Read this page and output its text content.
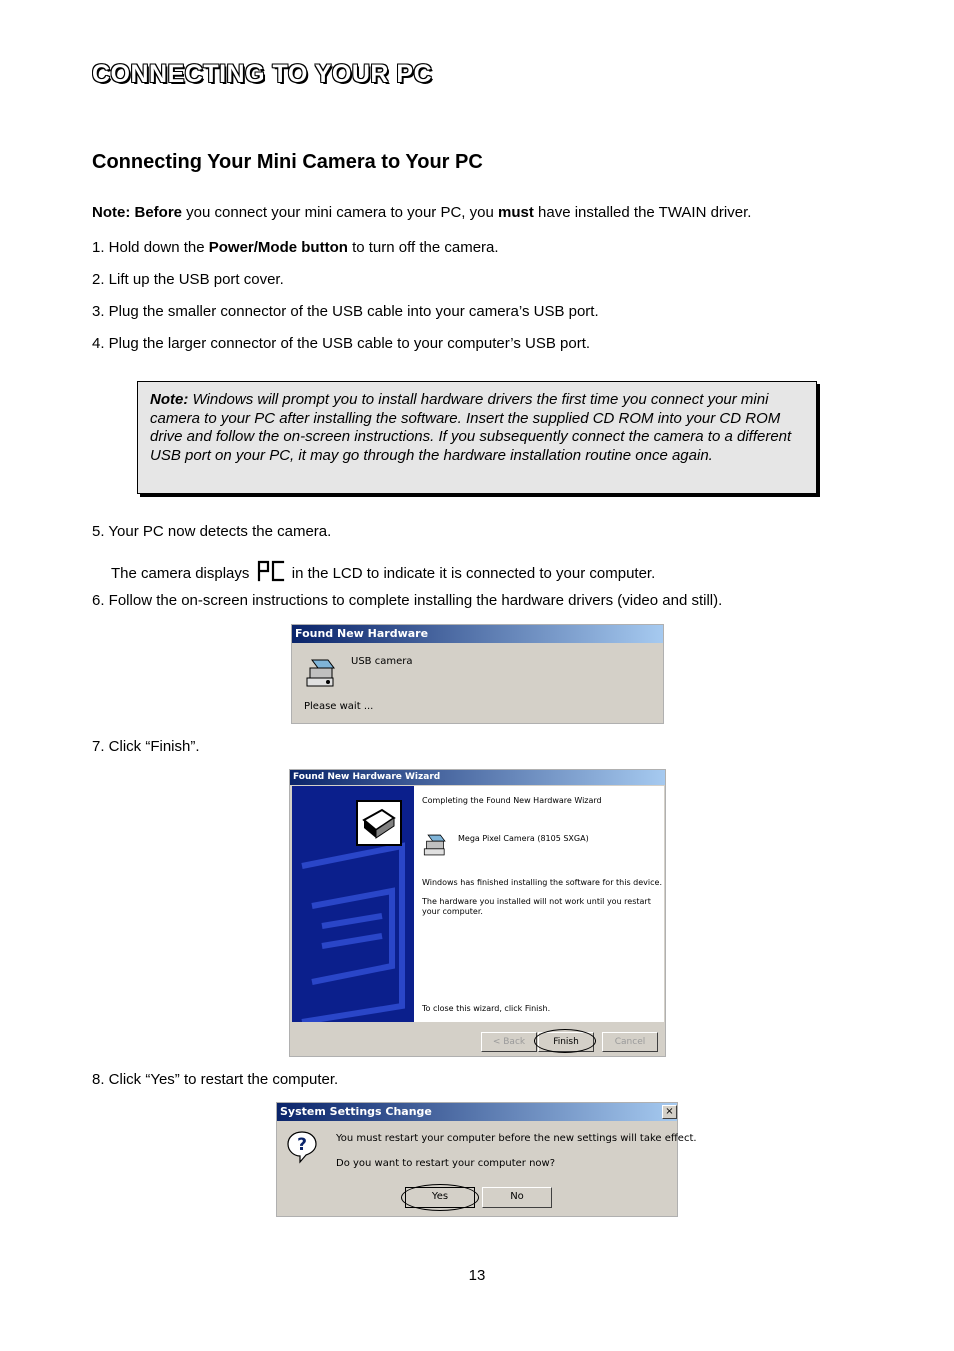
CONNECTING TO YOUR PC
Connecting Your Mini Camera to Your PC
Note: Before you connect your mini camera to your PC, you must have installed the TWAIN driver.
1. Hold down the Power/Mode button to turn off the camera.
2. Lift up the USB port cover.
3. Plug the smaller connector of the USB cable into your camera’s USB port.
4. Plug the larger connector of the USB cable to your computer’s USB port.
Note: Windows will prompt you to install hardware drivers the first time you connect your mini camera to your PC after installing the software. Insert the supplied CD ROM into your CD ROM drive and follow the on-screen instructions. If you subsequently connect the camera to a different USB port on your PC, it may go through the hardware installation routine once again.
5. Your PC now detects the camera.
The camera displays  in the LCD to indicate it is connected to your computer.
6. Follow the on-screen instructions to complete installing the hardware drivers (video and still).
Found New Hardware
USB camera
Please wait ...
7. Click “Finish”.
Found New Hardware Wizard
Completing the Found New Hardware Wizard
Mega Pixel Camera (8105 SXGA)
Windows has finished installing the software for this device.
The hardware you installed will not work until you restart
your computer.
To close this wizard, click Finish.
< Back	Finish	Cancel
8. Click “Yes” to restart the computer.
System Settings Change	×
?	You must restart your computer before the new settings will take effect.
Do you want to restart your computer now?
Yes	No
13
